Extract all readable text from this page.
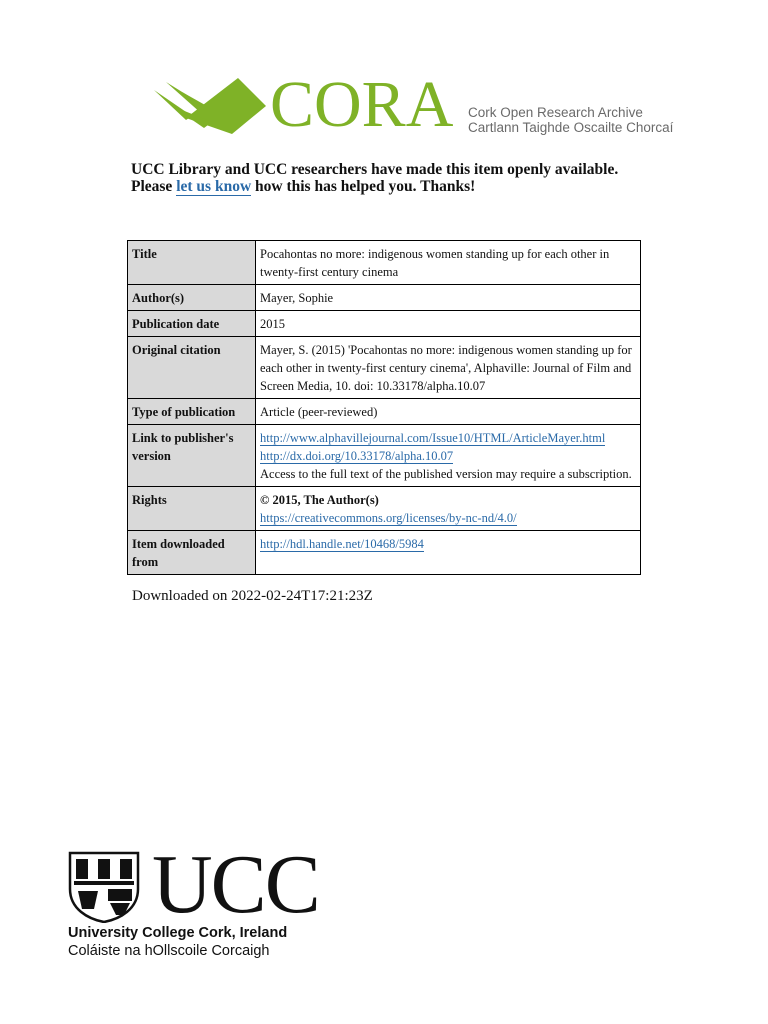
CORA Cork Open Research Archive
Cartlann Taighde Oscailte Chorcaí
UCC Library and UCC researchers have made this item openly available.
Please let us know how this has helped you. Thanks!
Title	Pocahontas no more: indigenous women standing up for each other in twenty-first century cinema
Author(s)	Mayer, Sophie
Publication date	2015
Original citation	Mayer, S. (2015) 'Pocahontas no more: indigenous women standing up for each other in twenty-first century cinema', Alphaville: Journal of Film and Screen Media, 10. doi: 10.33178/alpha.10.07
Type of publication	Article (peer-reviewed)
Link to publisher's version	http://www.alphavillejournal.com/Issue10/HTML/ArticleMayer.html
http://dx.doi.org/10.33178/alpha.10.07
Access to the full text of the published version may require a subscription.

Rights	© 2015, The Author(s)
https://creativecommons.org/licenses/by-nc-nd/4.0/

Item downloaded from	http://hdl.handle.net/10468/5984
Downloaded on 2022-02-24T17:21:23Z
UCC
University College Cork, Ireland
Coláiste na hOllscoile Corcaigh
